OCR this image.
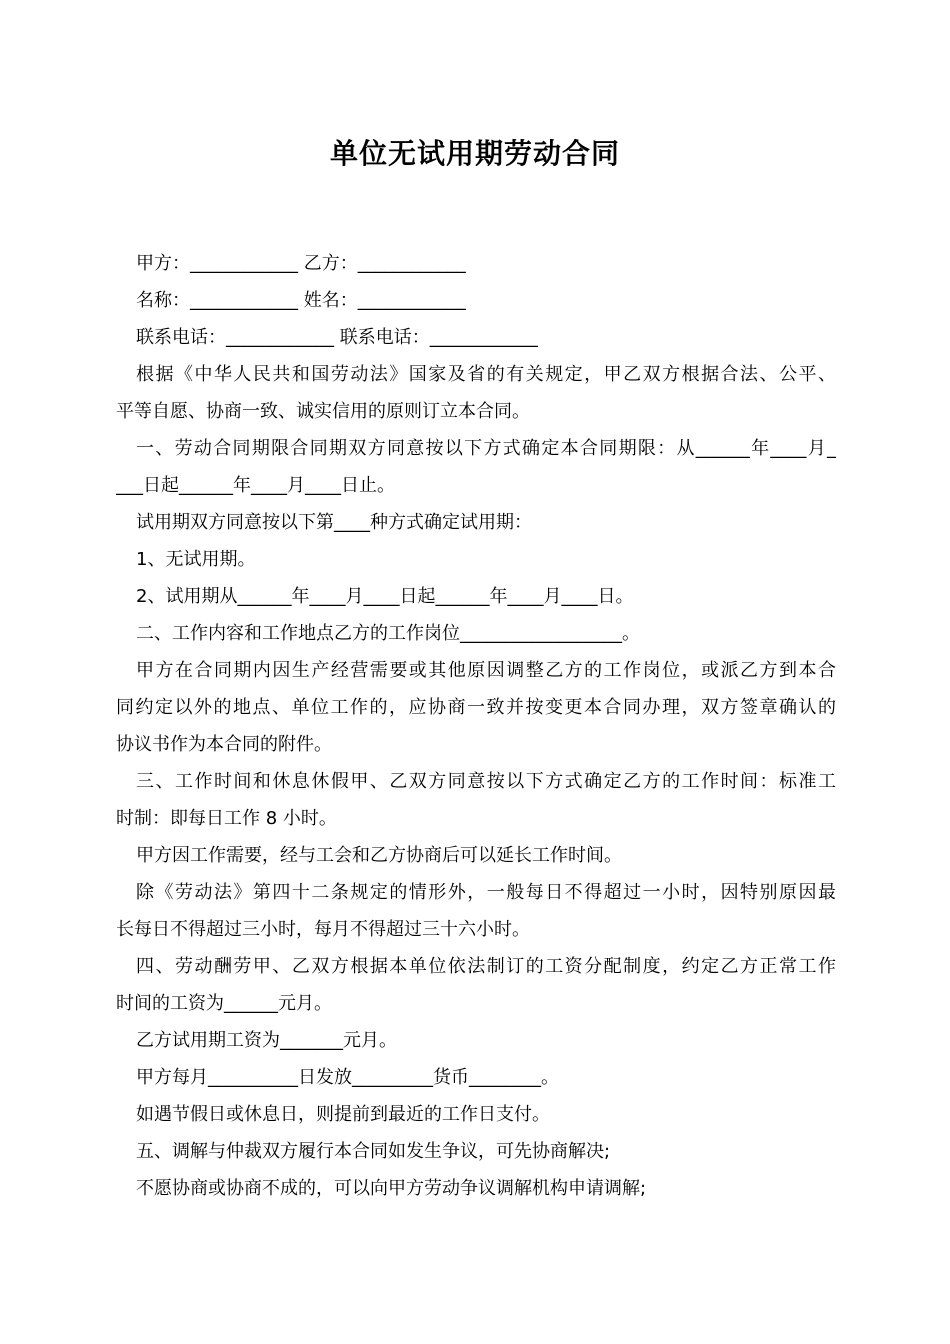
单位无试用期劳动合同
甲方：____________ 乙方：____________
名称：____________ 姓名：____________
联系电话：____________ 联系电话：____________
根据《中华人民共和国劳动法》国家及省的有关规定，甲乙双方根据合法、公平、
平等自愿、协商一致、诚实信用的原则订立本合同。
一、劳动合同期限合同期双方同意按以下方式确定本合同期限：从______年____月_
___日起______年____月____日止。
试用期双方同意按以下第____种方式确定试用期：
1、无试用期。
2、试用期从______年____月____日起______年____月____日。
二、工作内容和工作地点乙方的工作岗位__________________。
甲方在合同期内因生产经营需要或其他原因调整乙方的工作岗位，或派乙方到本合
同约定以外的地点、单位工作的，应协商一致并按变更本合同办理，双方签章确认的
协议书作为本合同的附件。
三、工作时间和休息休假甲、乙双方同意按以下方式确定乙方的工作时间：标准工
时制：即每日工作 8 小时。
甲方因工作需要，经与工会和乙方协商后可以延长工作时间。
除《劳动法》第四十二条规定的情形外，一般每日不得超过一小时，因特别原因最
长每日不得超过三小时，每月不得超过三十六小时。
四、劳动酬劳甲、乙双方根据本单位依法制订的工资分配制度，约定乙方正常工作
时间的工资为______元月。
乙方试用期工资为_______元月。
甲方每月__________日发放_________货币________。
如遇节假日或休息日，则提前到最近的工作日支付。
五、调解与仲裁双方履行本合同如发生争议，可先协商解决;
不愿协商或协商不成的，可以向甲方劳动争议调解机构申请调解;
